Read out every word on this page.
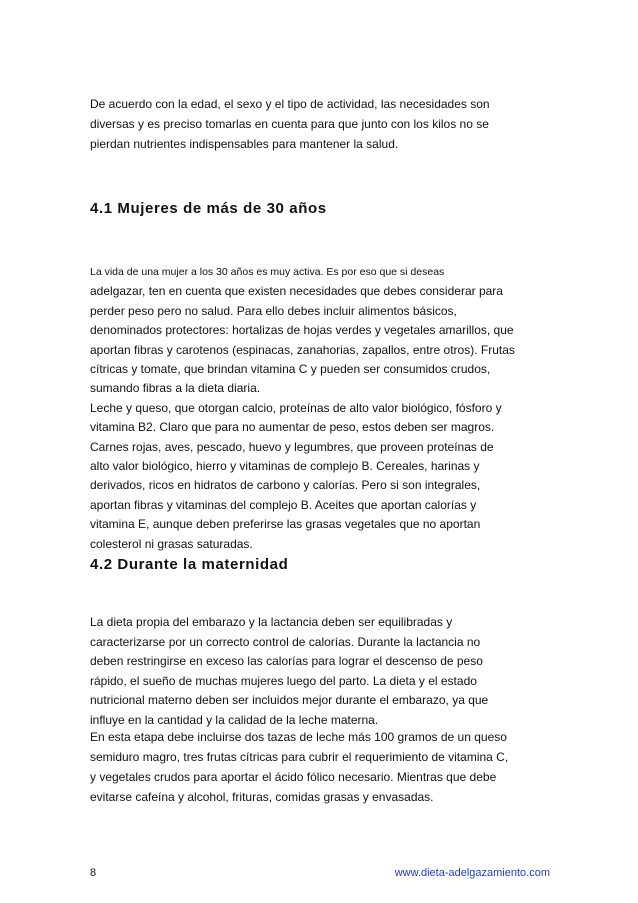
De acuerdo con la edad, el sexo y el tipo de actividad, las necesidades son
diversas y es preciso tomarlas en cuenta para que junto con los kilos no se
pierdan nutrientes indispensables para mantener la salud.

4.1 Mujeres de más de 30 años

La vida de una mujer a los 30 años es muy activa. Es por eso que si deseas
adelgazar, ten en cuenta que existen necesidades que debes considerar para
perder peso pero no salud. Para ello debes incluir alimentos básicos,
denominados protectores: hortalizas de hojas verdes y vegetales amarillos, que
aportan fibras y carotenos (espinacas, zanahorias, zapallos, entre otros). Frutas
cítricas y tomate, que brindan vitamina C y pueden ser consumidos crudos,
sumando fibras a la dieta diaria.
Leche y queso, que otorgan calcio, proteínas de alto valor biológico, fósforo y
vitamina B2. Claro que para no aumentar de peso, estos deben ser magros.
Carnes rojas, aves, pescado, huevo y legumbres, que proveen proteínas de
alto valor biológico, hierro y vitaminas de complejo B. Cereales, harinas y
derivados, ricos en hidratos de carbono y calorías. Pero si son integrales,
aportan fibras y vitaminas del complejo B. Aceites que aportan calorías y
vitamina E, aunque deben preferirse las grasas vegetales que no aportan
colesterol ni grasas saturadas.

4.2 Durante la maternidad

La dieta propia del embarazo y la lactancia deben ser equilibradas y
caracterizarse por un correcto control de calorías. Durante la lactancia no
deben restringirse en exceso las calorías para lograr el descenso de peso
rápido, el sueño de muchas mujeres luego del parto. La dieta y el estado
nutricional materno deben ser incluidos mejor durante el embarazo, ya que
influye en la cantidad y la calidad de la leche materna.

En esta etapa debe incluirse dos tazas de leche más 100 gramos de un queso
semiduro magro, tres frutas cítricas para cubrir el requerimiento de vitamina C,
y vegetales crudos para aportar el ácido fólico necesario. Mientras que debe
evitarse cafeína y alcohol, frituras, comidas grasas y envasadas.

8	www.dieta-adelgazamiento.com
